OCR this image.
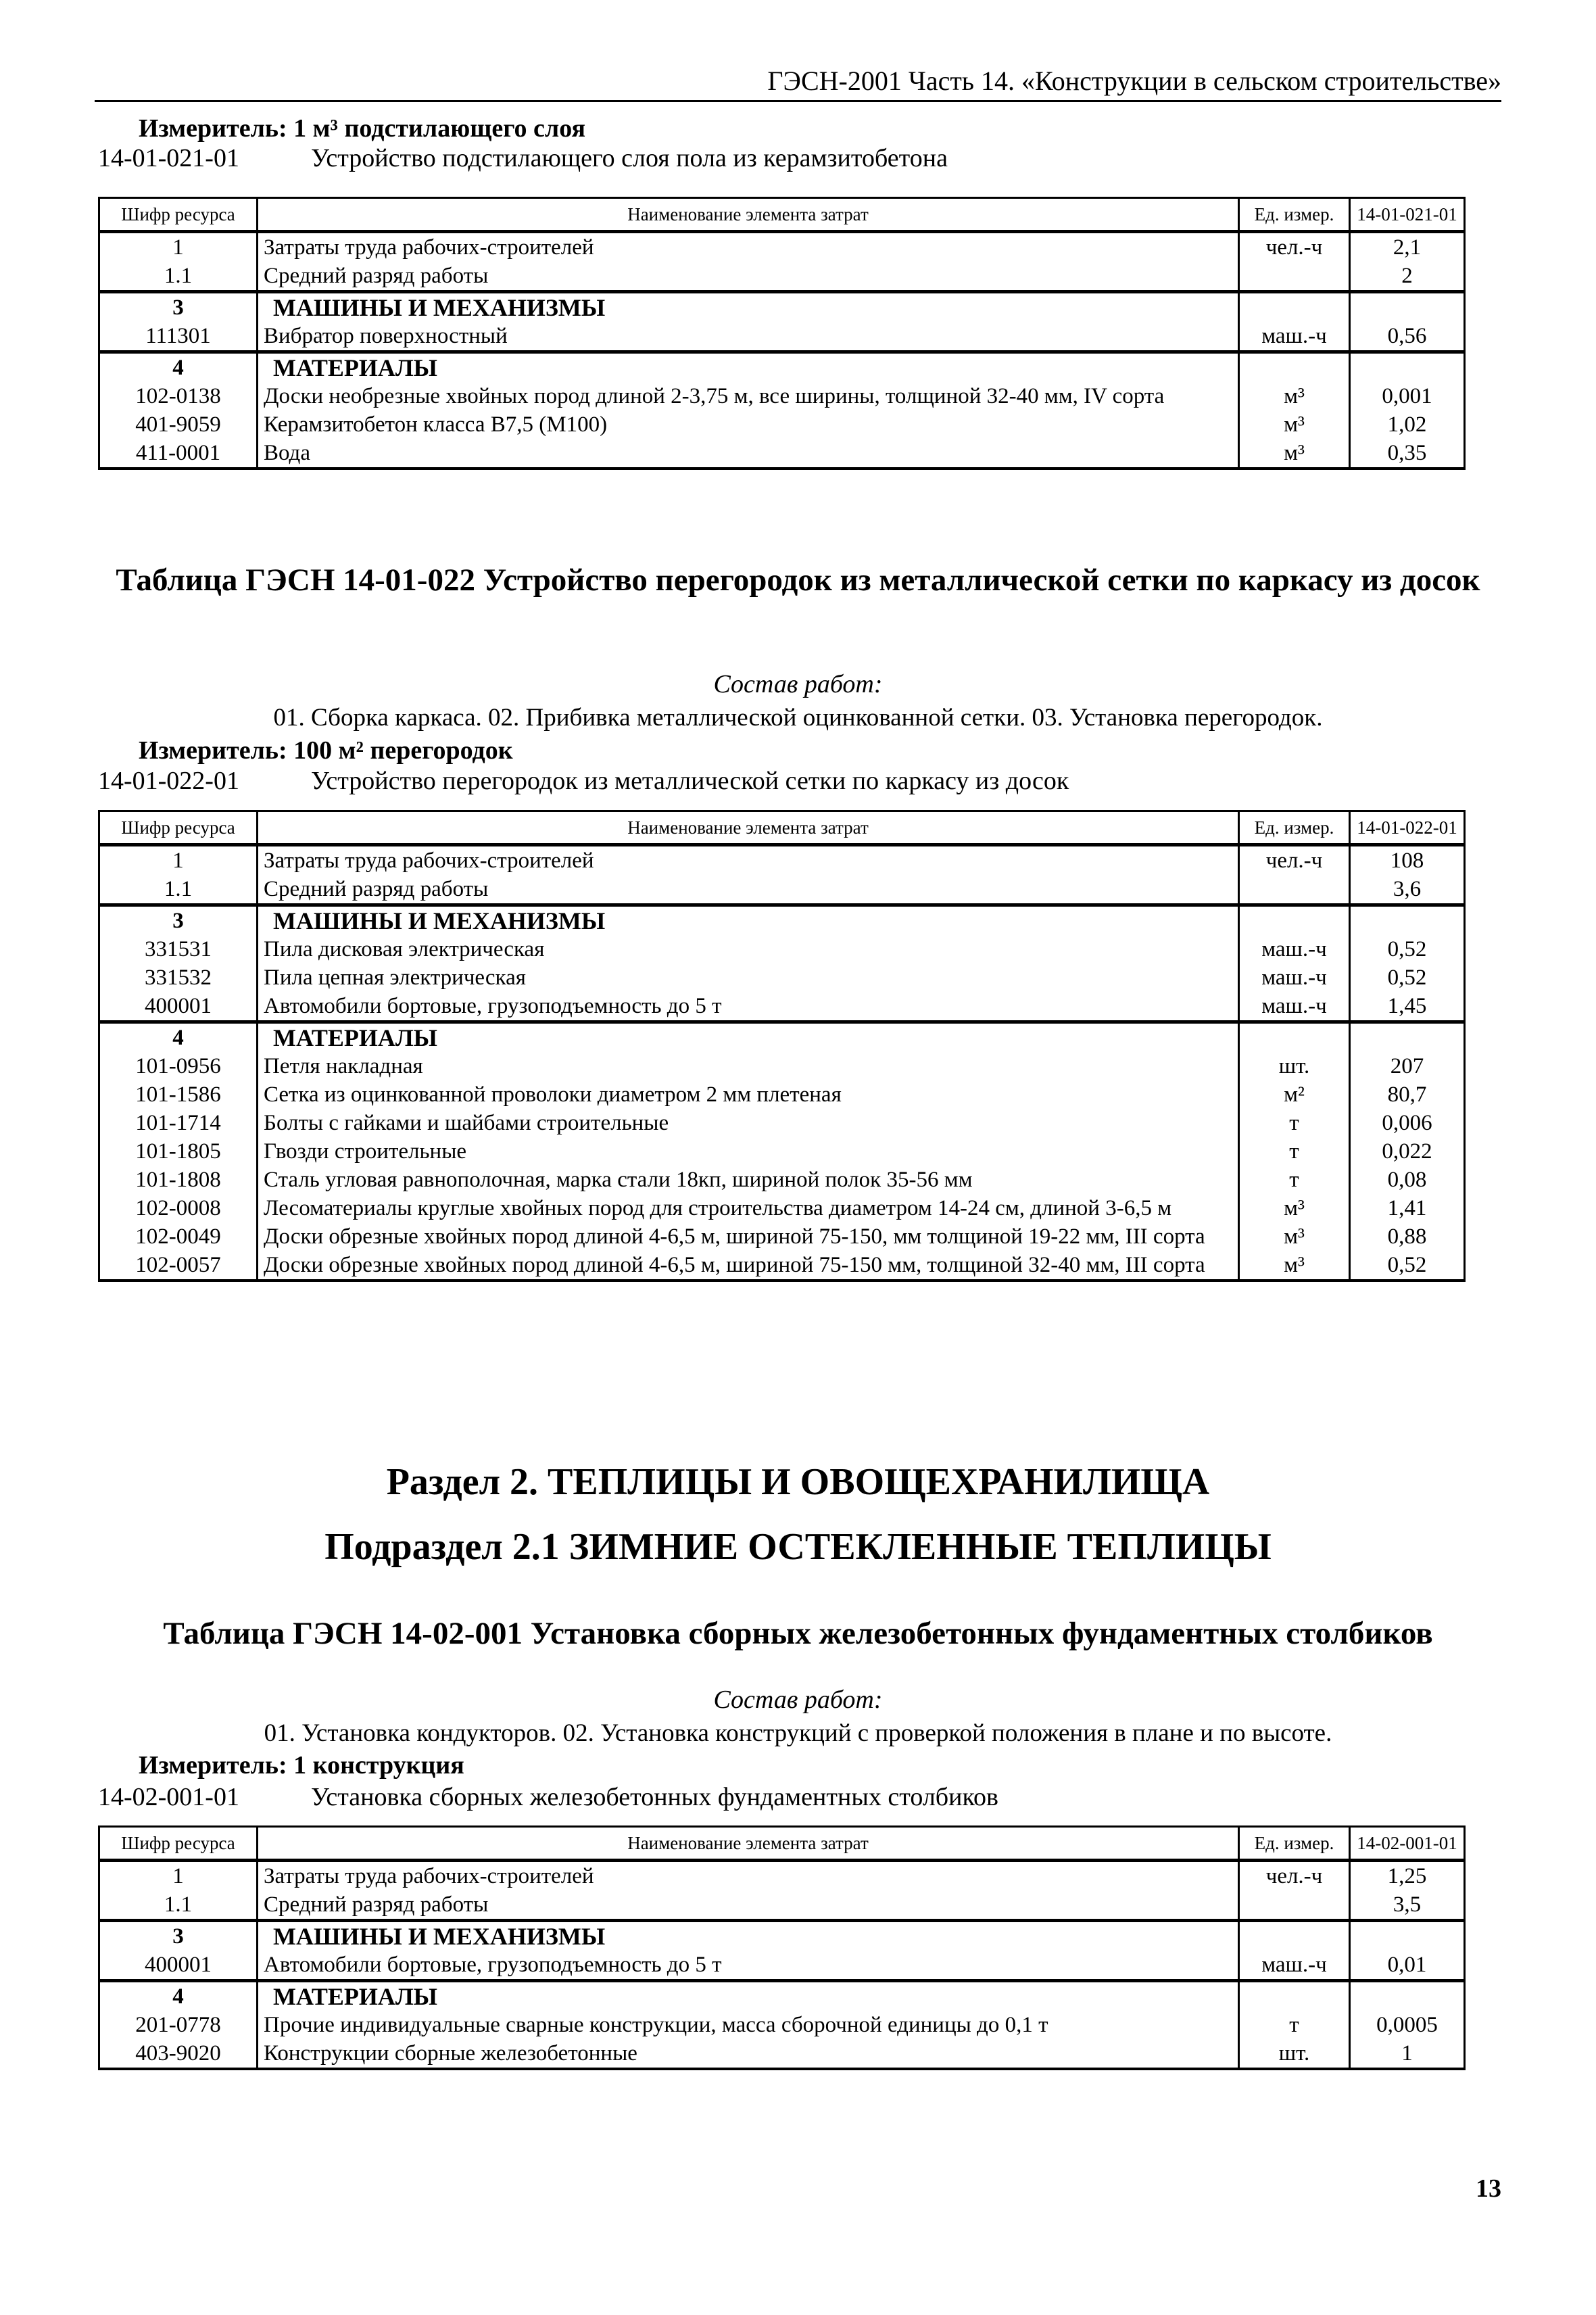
ГЭСН-2001 Часть 14. «Конструкции в сельском строительстве»
Измеритель: 1 м³ подстилающего слоя
14-01-021-01	Устройство подстилающего слоя пола из керамзитобетона
Шифр ресурса	Наименование элемента затрат	Ед. измер.	14-01-021-01
1	Затраты труда рабочих-строителей	чел.-ч	2,1
1.1	Средний разряд работы		2
3	МАШИНЫ И МЕХАНИЗМЫ		
111301	Вибратор поверхностный	маш.-ч	0,56
4	МАТЕРИАЛЫ		
102-0138	Доски необрезные хвойных пород длиной 2-3,75 м, все ширины, толщиной 32-40 мм, IV сорта	м³	0,001
401-9059	Керамзитобетон класса В7,5 (М100)	м³	1,02
411-0001	Вода	м³	0,35
Таблица ГЭСН 14-01-022 Устройство перегородок из металлической сетки по каркасу из досок
Состав работ:
01. Сборка каркаса. 02. Прибивка металлической оцинкованной сетки. 03. Установка перегородок.
Измеритель: 100 м² перегородок
14-01-022-01	Устройство перегородок из металлической сетки по каркасу из досок
Шифр ресурса	Наименование элемента затрат	Ед. измер.	14-01-022-01
1	Затраты труда рабочих-строителей	чел.-ч	108
1.1	Средний разряд работы		3,6
3	МАШИНЫ И МЕХАНИЗМЫ		
331531	Пила дисковая электрическая	маш.-ч	0,52
331532	Пила цепная электрическая	маш.-ч	0,52
400001	Автомобили бортовые, грузоподъемность до 5 т	маш.-ч	1,45
4	МАТЕРИАЛЫ		
101-0956	Петля накладная	шт.	207
101-1586	Сетка из оцинкованной проволоки диаметром 2 мм плетеная	м²	80,7
101-1714	Болты с гайками и шайбами строительные	т	0,006
101-1805	Гвозди строительные	т	0,022
101-1808	Сталь угловая равнополочная, марка стали 18кп, шириной полок 35-56 мм	т	0,08
102-0008	Лесоматериалы круглые хвойных пород для строительства диаметром 14-24 см, длиной 3-6,5 м	м³	1,41
102-0049	Доски обрезные хвойных пород длиной 4-6,5 м, шириной 75-150, мм толщиной 19-22 мм, III сорта	м³	0,88
102-0057	Доски обрезные хвойных пород длиной 4-6,5 м, шириной 75-150 мм, толщиной 32-40 мм, III сорта	м³	0,52
Раздел 2. ТЕПЛИЦЫ И ОВОЩЕХРАНИЛИЩА
Подраздел 2.1 ЗИМНИЕ ОСТЕКЛЕННЫЕ ТЕПЛИЦЫ
Таблица ГЭСН 14-02-001 Установка сборных железобетонных фундаментных столбиков
Состав работ:
01. Установка кондукторов. 02. Установка конструкций с проверкой положения в плане и по высоте.
Измеритель: 1 конструкция
14-02-001-01	Установка сборных железобетонных фундаментных столбиков
Шифр ресурса	Наименование элемента затрат	Ед. измер.	14-02-001-01
1	Затраты труда рабочих-строителей	чел.-ч	1,25
1.1	Средний разряд работы		3,5
3	МАШИНЫ И МЕХАНИЗМЫ		
400001	Автомобили бортовые, грузоподъемность до 5 т	маш.-ч	0,01
4	МАТЕРИАЛЫ		
201-0778	Прочие индивидуальные сварные конструкции, масса сборочной единицы до 0,1 т	т	0,0005
403-9020	Конструкции сборные железобетонные	шт.	1
13
